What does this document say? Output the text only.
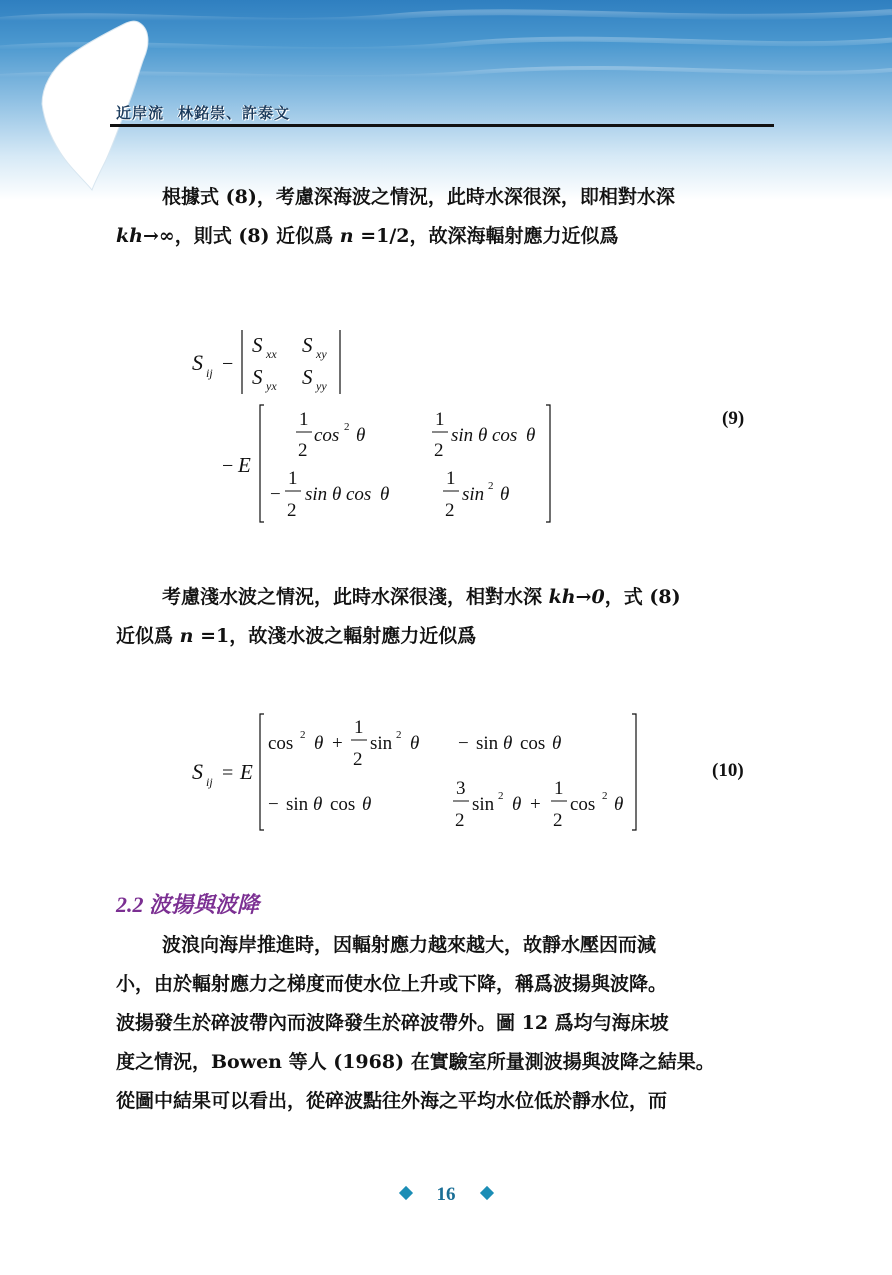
近岸流 林銘崇、許泰文
根據式 (8)，考慮深海波之情況，此時水深很深，即相對水深
kh→∞，則式 (8) 近似爲 n =1/2，故深海輻射應力近似爲
S ij −
S xx S xy
S yx S yy
− E
1
2
cos 2 θ
1
2
sin θ cos θ
−
1
2
sin θ cos θ
1
2
sin 2 θ
(9)
考慮淺水波之情況，此時水深很淺，相對水深 kh→0，式 (8)
近似爲 n =1，故淺水波之輻射應力近似爲
S ij = E
cos 2 θ +
1
2
sin 2 θ − sin θ cos θ
− sin θ cos θ
3
2
sin 2 θ +
1
2
cos 2 θ
(10)
2.2 波揚與波降
波浪向海岸推進時，因輻射應力越來越大，故靜水壓因而減
小，由於輻射應力之梯度而使水位上升或下降，稱爲波揚與波降。
波揚發生於碎波帶內而波降發生於碎波帶外。圖 12 爲均勻海床坡
度之情況，Bowen 等人 (1968) 在實驗室所量測波揚與波降之結果。
從圖中結果可以看出，從碎波點往外海之平均水位低於靜水位，而
16
